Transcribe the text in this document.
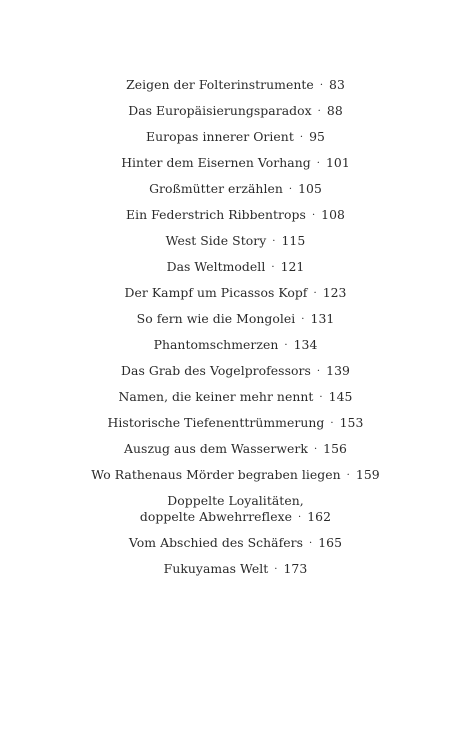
Zeigen der Folterinstrumente · 83
Das Europäisierungsparadox · 88
Europas innerer Orient · 95
Hinter dem Eisernen Vorhang · 101
Großmütter erzählen · 105
Ein Federstrich Ribbentrops · 108
West Side Story · 115
Das Weltmodell · 121
Der Kampf um Picassos Kopf · 123
So fern wie die Mongolei · 131
Phantomschmerzen · 134
Das Grab des Vogelprofessors · 139
Namen, die keiner mehr nennt · 145
Historische Tiefenenttrümmerung · 153
Auszug aus dem Wasserwerk · 156
Wo Rathenaus Mörder begraben liegen · 159
Doppelte Loyalitäten,
doppelte Abwehrreflexe · 162
Vom Abschied des Schäfers · 165
Fukuyamas Welt · 173
